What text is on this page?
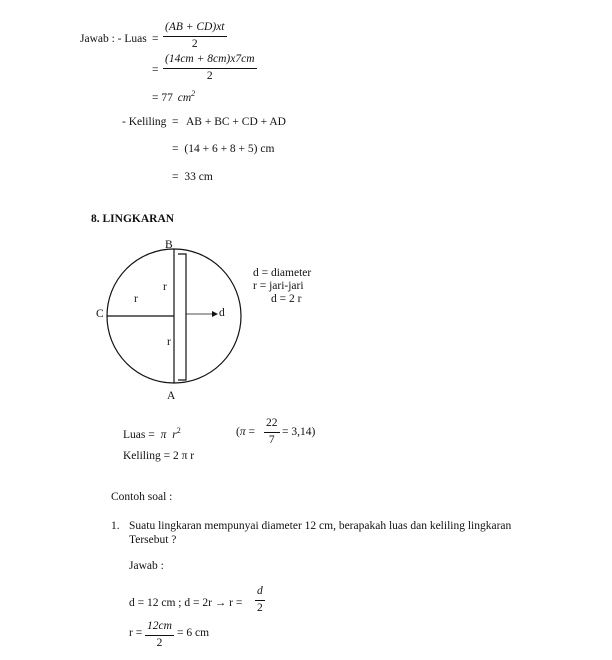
Jawab : - Luas = $\frac{(AB + CD)xt}{2}$
= $\frac{(14cm + 8cm)x7cm}{2}$
= 77 $cm^2$
- Keliling = AB + BC + CD + AD
= (14 + 6 + 8 + 5) cm
= 33 cm
8. LINGKARAN
B
A
C	d
r
r
r
d = diameter
r = jari-jari
d = 2 r
Luas = π $r^2$	$(\pi = \frac{22}{7} = 3,14)$
Keliling = 2 π r
Contoh soal :
1. Suatu lingkaran mempunyai diameter 12 cm, berapakah luas dan keliling lingkaran
Tersebut ?
Jawab :
d = 12 cm ; $d = 2r \to r = \frac{d}{2}$
$r = \frac{12cm}{2} = 6$ cm
